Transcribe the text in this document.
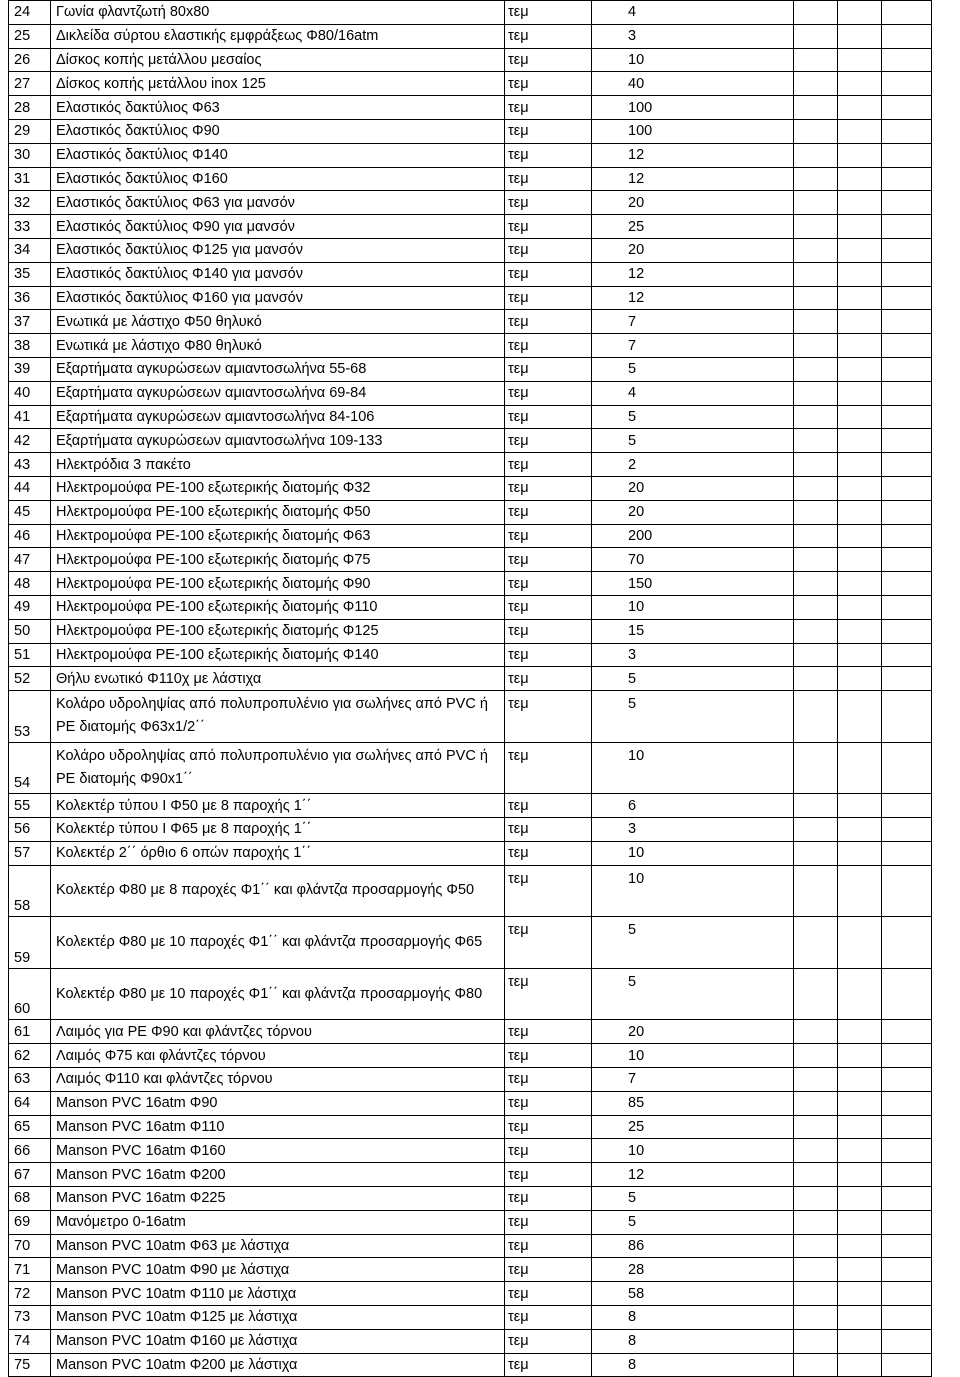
24	Γωνία φλαντζωτή 80x80	τεμ	4			
25	Δικλείδα σύρτου ελαστικής εμφράξεως Φ80/16atm	τεμ	3			
26	Δίσκος κοπής μετάλλου μεσαίος	τεμ	10			
27	Δίσκος κοπής μετάλλου inox 125	τεμ	40			
28	Ελαστικός δακτύλιος Φ63	τεμ	100			
29	Ελαστικός δακτύλιος Φ90	τεμ	100			
30	Ελαστικός δακτύλιος Φ140	τεμ	12			
31	Ελαστικός δακτύλιος Φ160	τεμ	12			
32	Ελαστικός δακτύλιος Φ63 για μανσόν	τεμ	20			
33	Ελαστικός δακτύλιος Φ90 για μανσόν	τεμ	25			
34	Ελαστικός δακτύλιος Φ125 για μανσόν	τεμ	20			
35	Ελαστικός δακτύλιος Φ140 για μανσόν	τεμ	12			
36	Ελαστικός δακτύλιος Φ160 για μανσόν	τεμ	12			
37	Ενωτικά με λάστιχο Φ50 θηλυκό	τεμ	7			
38	Ενωτικά με λάστιχο Φ80 θηλυκό	τεμ	7			
39	Εξαρτήματα αγκυρώσεων αμιαντοσωλήνα 55-68	τεμ	5			
40	Εξαρτήματα αγκυρώσεων αμιαντοσωλήνα 69-84	τεμ	4			
41	Εξαρτήματα αγκυρώσεων αμιαντοσωλήνα 84-106	τεμ	5			
42	Εξαρτήματα αγκυρώσεων αμιαντοσωλήνα 109-133	τεμ	5			
43	Ηλεκτρόδια 3 πακέτο	τεμ	2			
44	Ηλεκτρομούφα PE-100 εξωτερικής διατομής Φ32	τεμ	20			
45	Ηλεκτρομούφα PE-100 εξωτερικής διατομής Φ50	τεμ	20			
46	Ηλεκτρομούφα PE-100 εξωτερικής διατομής Φ63	τεμ	200			
47	Ηλεκτρομούφα PE-100 εξωτερικής διατομής Φ75	τεμ	70			
48	Ηλεκτρομούφα PE-100 εξωτερικής διατομής Φ90	τεμ	150			
49	Ηλεκτρομούφα PE-100 εξωτερικής διατομής Φ110	τεμ	10			
50	Ηλεκτρομούφα PE-100 εξωτερικής διατομής Φ125	τεμ	15			
51	Ηλεκτρομούφα PE-100 εξωτερικής διατομής Φ140	τεμ	3			
52	Θήλυ ενωτικό Φ110χ με λάστιχα	τεμ	5			
53	Κολάρο υδροληψίας από πολυπροπυλένιο για σωλήνες από PVC ή PE διατομής Φ63x1/2΄΄	τεμ	5			
54	Κολάρο υδροληψίας από πολυπροπυλένιο για σωλήνες από PVC ή PE διατομής Φ90x1΄΄	τεμ	10			
55	Κολεκτέρ τύπου Ι Φ50 με 8 παροχής 1΄΄	τεμ	6			
56	Κολεκτέρ τύπου Ι Φ65 με 8 παροχής 1΄΄	τεμ	3			
57	Κολεκτέρ 2΄΄ όρθιο 6 οπών παροχής 1΄΄	τεμ	10			
58	Κολεκτέρ Φ80 με 8 παροχές Φ1΄΄ και φλάντζα προσαρμογής Φ50	τεμ	10			
59	Κολεκτέρ Φ80 με 10 παροχές Φ1΄΄ και φλάντζα προσαρμογής Φ65	τεμ	5			
60	Κολεκτέρ Φ80 με 10 παροχές Φ1΄΄ και φλάντζα προσαρμογής Φ80	τεμ	5			
61	Λαιμός για PE Φ90 και φλάντζες τόρνου	τεμ	20			
62	Λαιμός Φ75 και φλάντζες τόρνου	τεμ	10			
63	Λαιμός Φ110 και φλάντζες τόρνου	τεμ	7			
64	Manson PVC 16atm Φ90	τεμ	85			
65	Manson PVC 16atm Φ110	τεμ	25			
66	Manson PVC 16atm Φ160	τεμ	10			
67	Manson PVC 16atm Φ200	τεμ	12			
68	Manson PVC 16atm Φ225	τεμ	5			
69	Μανόμετρο 0-16atm	τεμ	5			
70	Manson PVC 10atm Φ63 με λάστιχα	τεμ	86			
71	Manson PVC 10atm Φ90 με λάστιχα	τεμ	28			
72	Manson PVC 10atm Φ110 με λάστιχα	τεμ	58			
73	Manson PVC 10atm Φ125 με λάστιχα	τεμ	8			
74	Manson PVC 10atm Φ160 με λάστιχα	τεμ	8			
75	Manson PVC 10atm Φ200 με λάστιχα	τεμ	8			
